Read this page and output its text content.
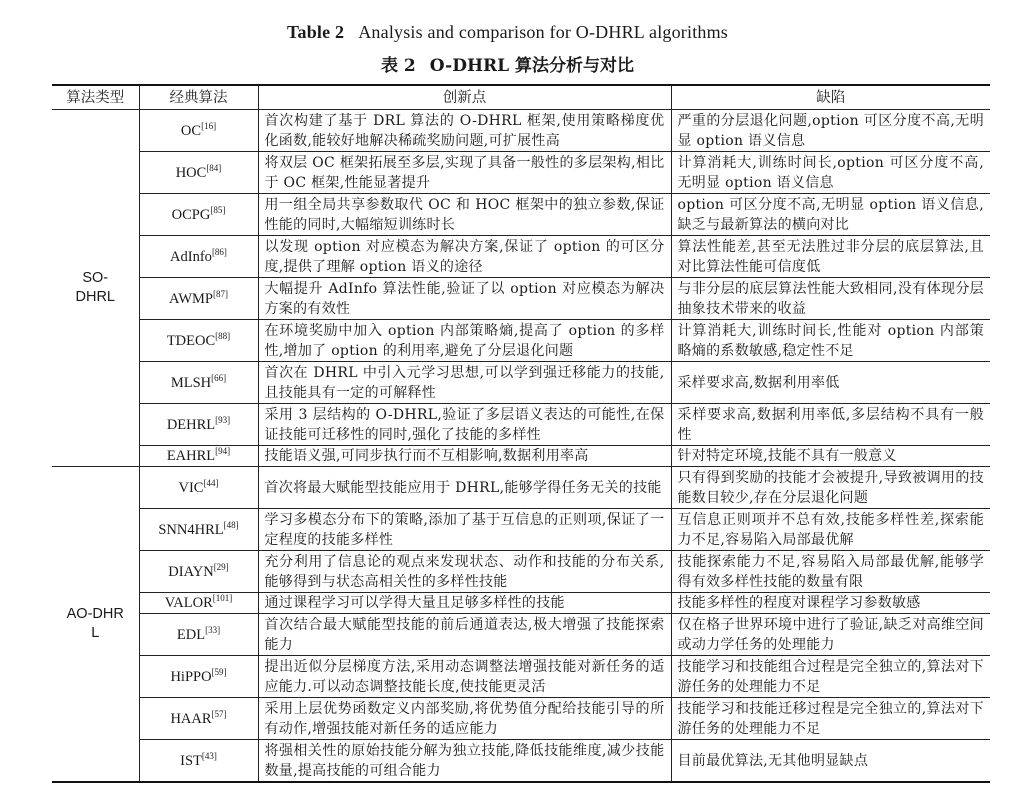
Table 2 Analysis and comparison for O-DHRL algorithms
表 2 O-DHRL 算法分析与对比
算法类型	经典算法	创新点	缺陷

SO-
DHRL	OC[16]	首次构建了基于 DRL 算法的 O-DHRL 框架,使用策略梯度优化函数,能较好地解决稀疏奖励问题,可扩展性高	严重的分层退化问题,option 可区分度不高,无明显 option 语义信息
	HOC[84]	将双层 OC 框架拓展至多层,实现了具备一般性的多层架构,相比于 OC 框架,性能显著提升	计算消耗大,训练时间长,option 可区分度不高,无明显 option 语义信息
	OCPG[85]	用一组全局共享参数取代 OC 和 HOC 框架中的独立参数,保证性能的同时,大幅缩短训练时长	option 可区分度不高,无明显 option 语义信息,缺乏与最新算法的横向对比
	AdInfo[86]	以发现 option 对应模态为解决方案,保证了 option 的可区分度,提供了理解 option 语义的途径	算法性能差,甚至无法胜过非分层的底层算法,且对比算法性能可信度低
	AWMP[87]	大幅提升 AdInfo 算法性能,验证了以 option 对应模态为解决方案的有效性	与非分层的底层算法性能大致相同,没有体现分层抽象技术带来的收益
	TDEOC[88]	在环境奖励中加入 option 内部策略熵,提高了 option 的多样性,增加了 option 的利用率,避免了分层退化问题	计算消耗大,训练时间长,性能对 option 内部策略熵的系数敏感,稳定性不足
	MLSH[66]	首次在 DHRL 中引入元学习思想,可以学到强迁移能力的技能,且技能具有一定的可解释性	采样要求高,数据利用率低
	DEHRL[93]	采用 3 层结构的 O-DHRL,验证了多层语义表达的可能性,在保证技能可迁移性的同时,强化了技能的多样性	采样要求高,数据利用率低,多层结构不具有一般性
	EAHRL[94]	技能语义强,可同步执行而不互相影响,数据利用率高	针对特定环境,技能不具有一般意义

AO-DHR
L	VIC[44]	首次将最大赋能型技能应用于 DHRL,能够学得任务无关的技能	只有得到奖励的技能才会被提升,导致被调用的技能数目较少,存在分层退化问题
	SNN4HRL[48]	学习多模态分布下的策略,添加了基于互信息的正则项,保证了一定程度的技能多样性	互信息正则项并不总有效,技能多样性差,探索能力不足,容易陷入局部最优解
	DIAYN[29]	充分利用了信息论的观点来发现状态、动作和技能的分布关系,能够得到与状态高相关性的多样性技能	技能探索能力不足,容易陷入局部最优解,能够学得有效多样性技能的数量有限
	VALOR[101]	通过课程学习可以学得大量且足够多样性的技能	技能多样性的程度对课程学习参数敏感
	EDL[33]	首次结合最大赋能型技能的前后通道表达,极大增强了技能探索能力	仅在格子世界环境中进行了验证,缺乏对高维空间或动力学任务的处理能力
	HiPPO[59]	提出近似分层梯度方法,采用动态调整法增强技能对新任务的适应能力.可以动态调整技能长度,使技能更灵活	技能学习和技能组合过程是完全独立的,算法对下游任务的处理能力不足
	HAAR[57]	采用上层优势函数定义内部奖励,将优势值分配给技能引导的所有动作,增强技能对新任务的适应能力	技能学习和技能迁移过程是完全独立的,算法对下游任务的处理能力不足
	IST[43]	将强相关性的原始技能分解为独立技能,降低技能维度,减少技能数量,提高技能的可组合能力	目前最优算法,无其他明显缺点
